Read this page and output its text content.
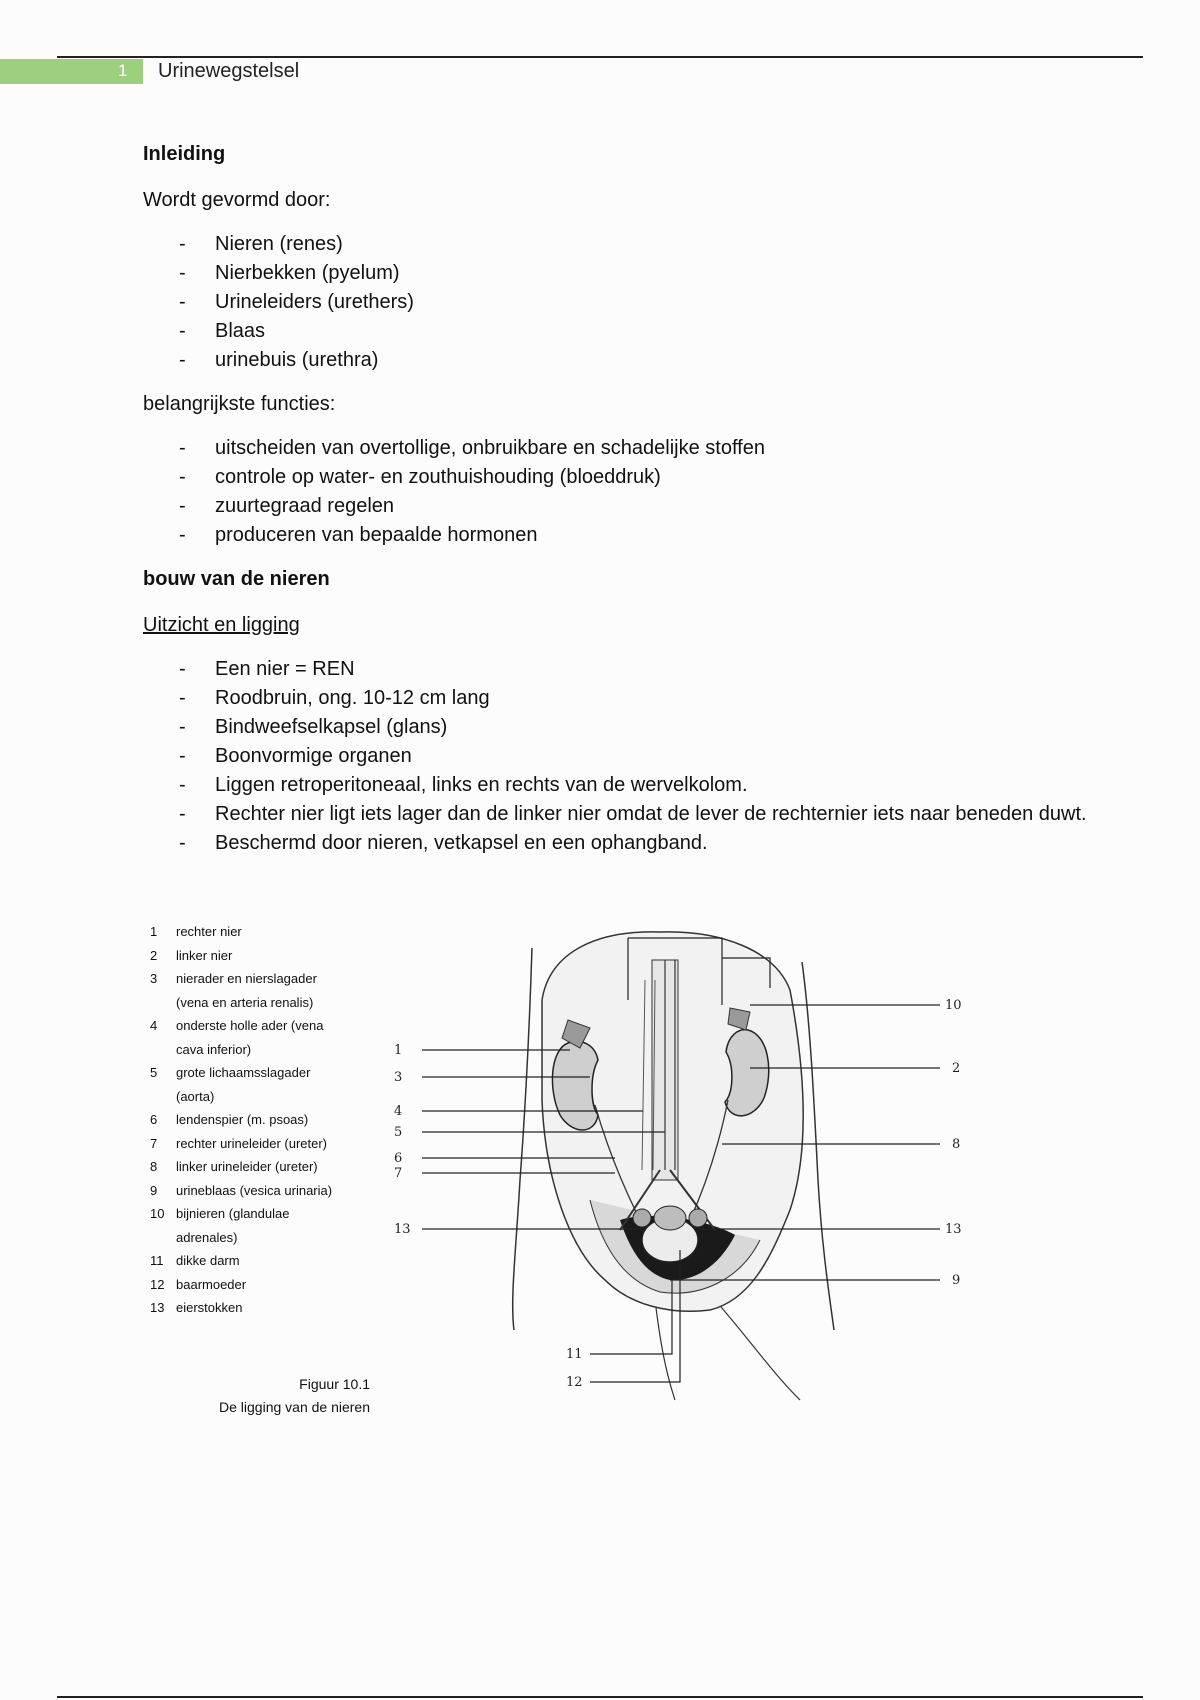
1 Urinewegstelsel

Inleiding

Wordt gevormd door:

- Nieren (renes)
- Nierbekken (pyelum)
- Urineleiders (urethers)
- Blaas
- urinebuis (urethra)

belangrijkste functies:

- uitscheiden van overtollige, onbruikbare en schadelijke stoffen
- controle op water- en zouthuishouding (bloeddruk)
- zuurtegraad regelen
- produceren van bepaalde hormonen

bouw van de nieren

Uitzicht en ligging

- Een nier = REN
- Roodbruin, ong. 10-12 cm lang
- Bindweefselkapsel (glans)
- Boonvormige organen
- Liggen retroperitoneaal, links en rechts van de wervelkolom.
- Rechter nier ligt iets lager dan de linker nier omdat de lever de rechternier iets naar beneden duwt.
- Beschermd door nieren, vetkapsel en een ophangband.
1	rechter nier
2	linker nier
3	nierader en nierslagader
(vena en arteria renalis)
4	onderste holle ader (vena
cava inferior)
5	grote lichaamsslagader
(aorta)
6	lendenspier (m. psoas)
7	rechter urineleider (ureter)
8	linker urineleider (ureter)
9	urineblaas (vesica urinaria)
10 bijnieren (glandulae
adrenales)
11 dikke darm
12 baarmoeder
13 eierstokken
Figuur 10.1
De ligging van de nieren
1
3
4
5
6
7
13
10
2
8
13
9
11
12
